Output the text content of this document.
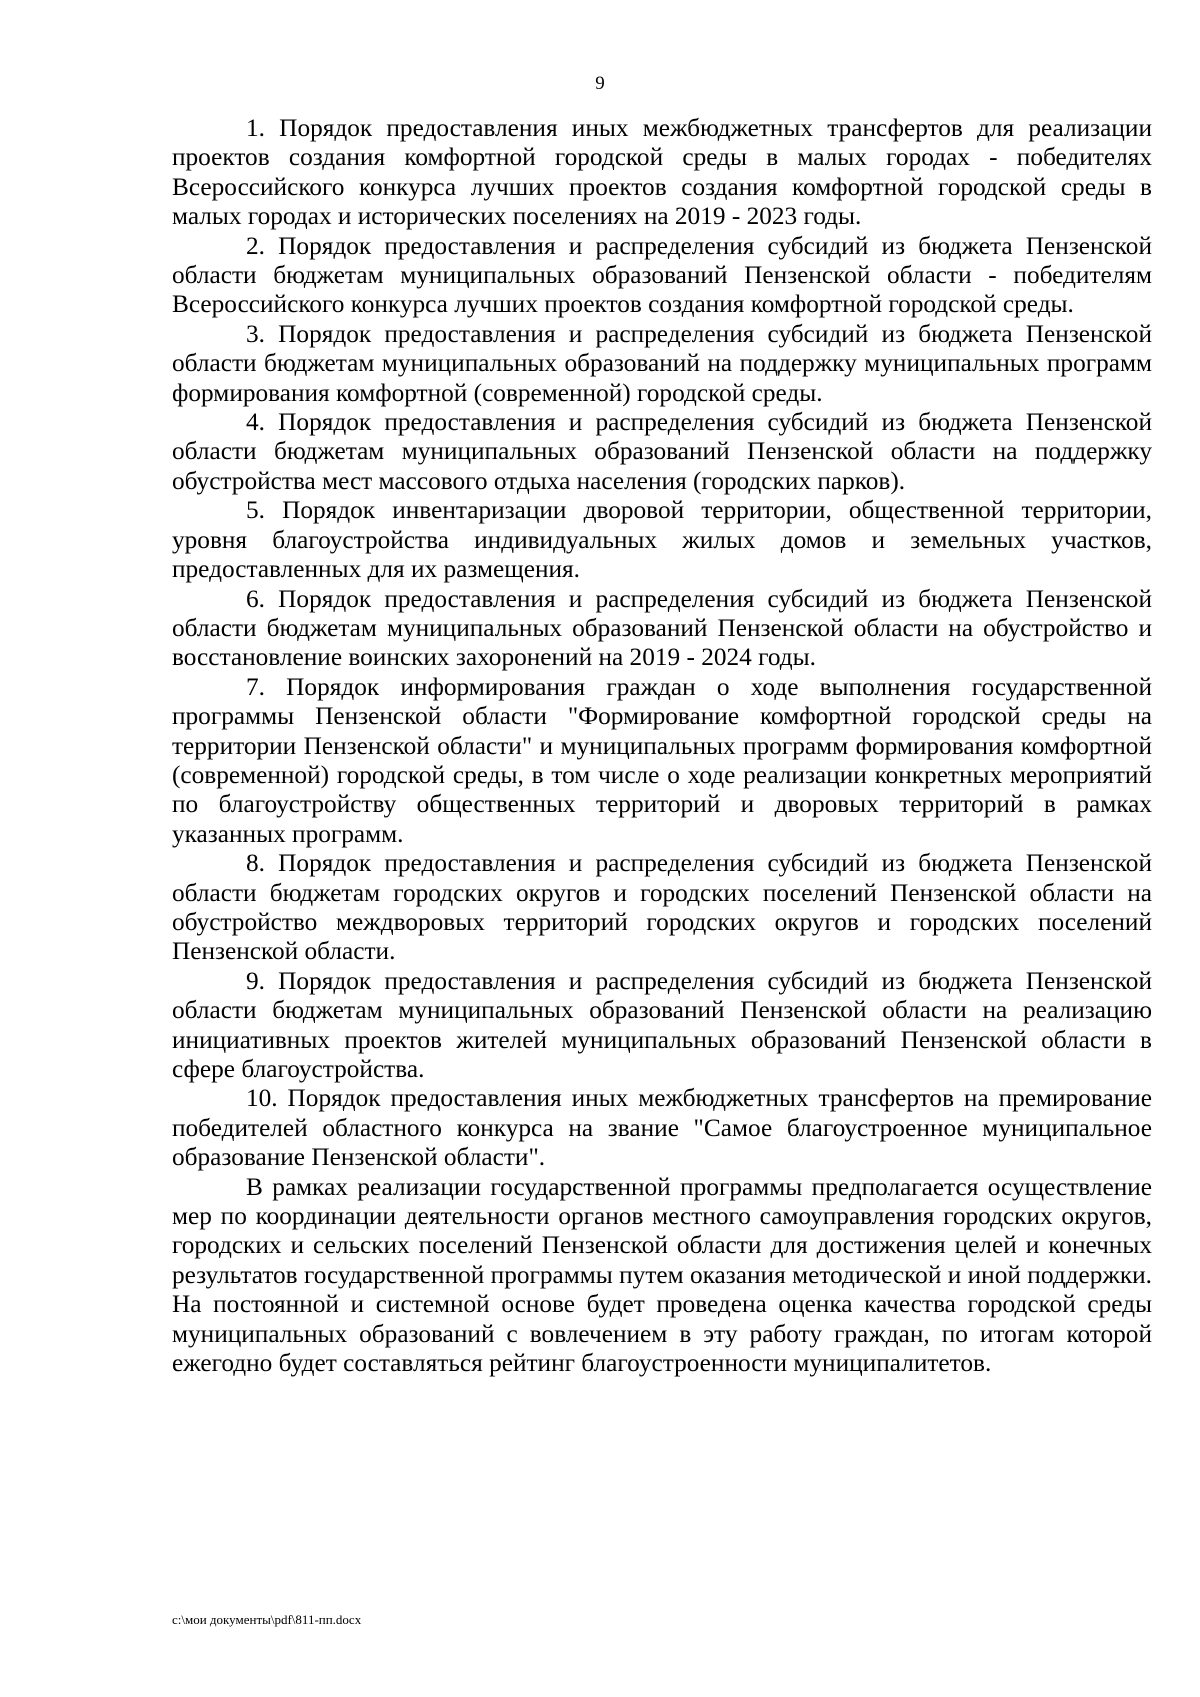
9

1. Порядок предоставления иных межбюджетных трансфертов для реализации проектов создания комфортной городской среды в малых городах - победителях Всероссийского конкурса лучших проектов создания комфортной городской среды в малых городах и исторических поселениях на 2019 - 2023 годы.

2. Порядок предоставления и распределения субсидий из бюджета Пензенской области бюджетам муниципальных образований Пензенской области - победителям Всероссийского конкурса лучших проектов создания комфортной городской среды.

3. Порядок предоставления и распределения субсидий из бюджета Пензенской области бюджетам муниципальных образований на поддержку муниципальных программ формирования комфортной (современной) городской среды.

4. Порядок предоставления и распределения субсидий из бюджета Пензенской области бюджетам муниципальных образований Пензенской области на поддержку обустройства мест массового отдыха населения (городских парков).

5. Порядок инвентаризации дворовой территории, общественной территории, уровня благоустройства индивидуальных жилых домов и земельных участков, предоставленных для их размещения.

6. Порядок предоставления и распределения субсидий из бюджета Пензенской области бюджетам муниципальных образований Пензенской области на обустройство и восстановление воинских захоронений на 2019 - 2024 годы.

7. Порядок информирования граждан о ходе выполнения государственной программы Пензенской области "Формирование комфортной городской среды на территории Пензенской области" и муниципальных программ формирования комфортной (современной) городской среды, в том числе о ходе реализации конкретных мероприятий по благоустройству общественных территорий и дворовых территорий в рамках указанных программ.

8. Порядок предоставления и распределения субсидий из бюджета Пензенской области бюджетам городских округов и городских поселений Пензенской области на обустройство междворовых территорий городских округов и городских поселений Пензенской области.

9. Порядок предоставления и распределения субсидий из бюджета Пензенской области бюджетам муниципальных образований Пензенской области на реализацию инициативных проектов жителей муниципальных образований Пензенской области в сфере благоустройства.

10. Порядок предоставления иных межбюджетных трансфертов на премирование победителей областного конкурса на звание "Самое благоустроенное муниципальное образование Пензенской области".

В рамках реализации государственной программы предполагается осуществление мер по координации деятельности органов местного самоуправления городских округов, городских и сельских поселений Пензенской области для достижения целей и конечных результатов государственной программы путем оказания методической и иной поддержки. На постоянной и системной основе будет проведена оценка качества городской среды муниципальных образований с вовлечением в эту работу граждан, по итогам которой ежегодно будет составляться рейтинг благоустроенности муниципалитетов.

c:\мои документы\pdf\811-пп.docx
